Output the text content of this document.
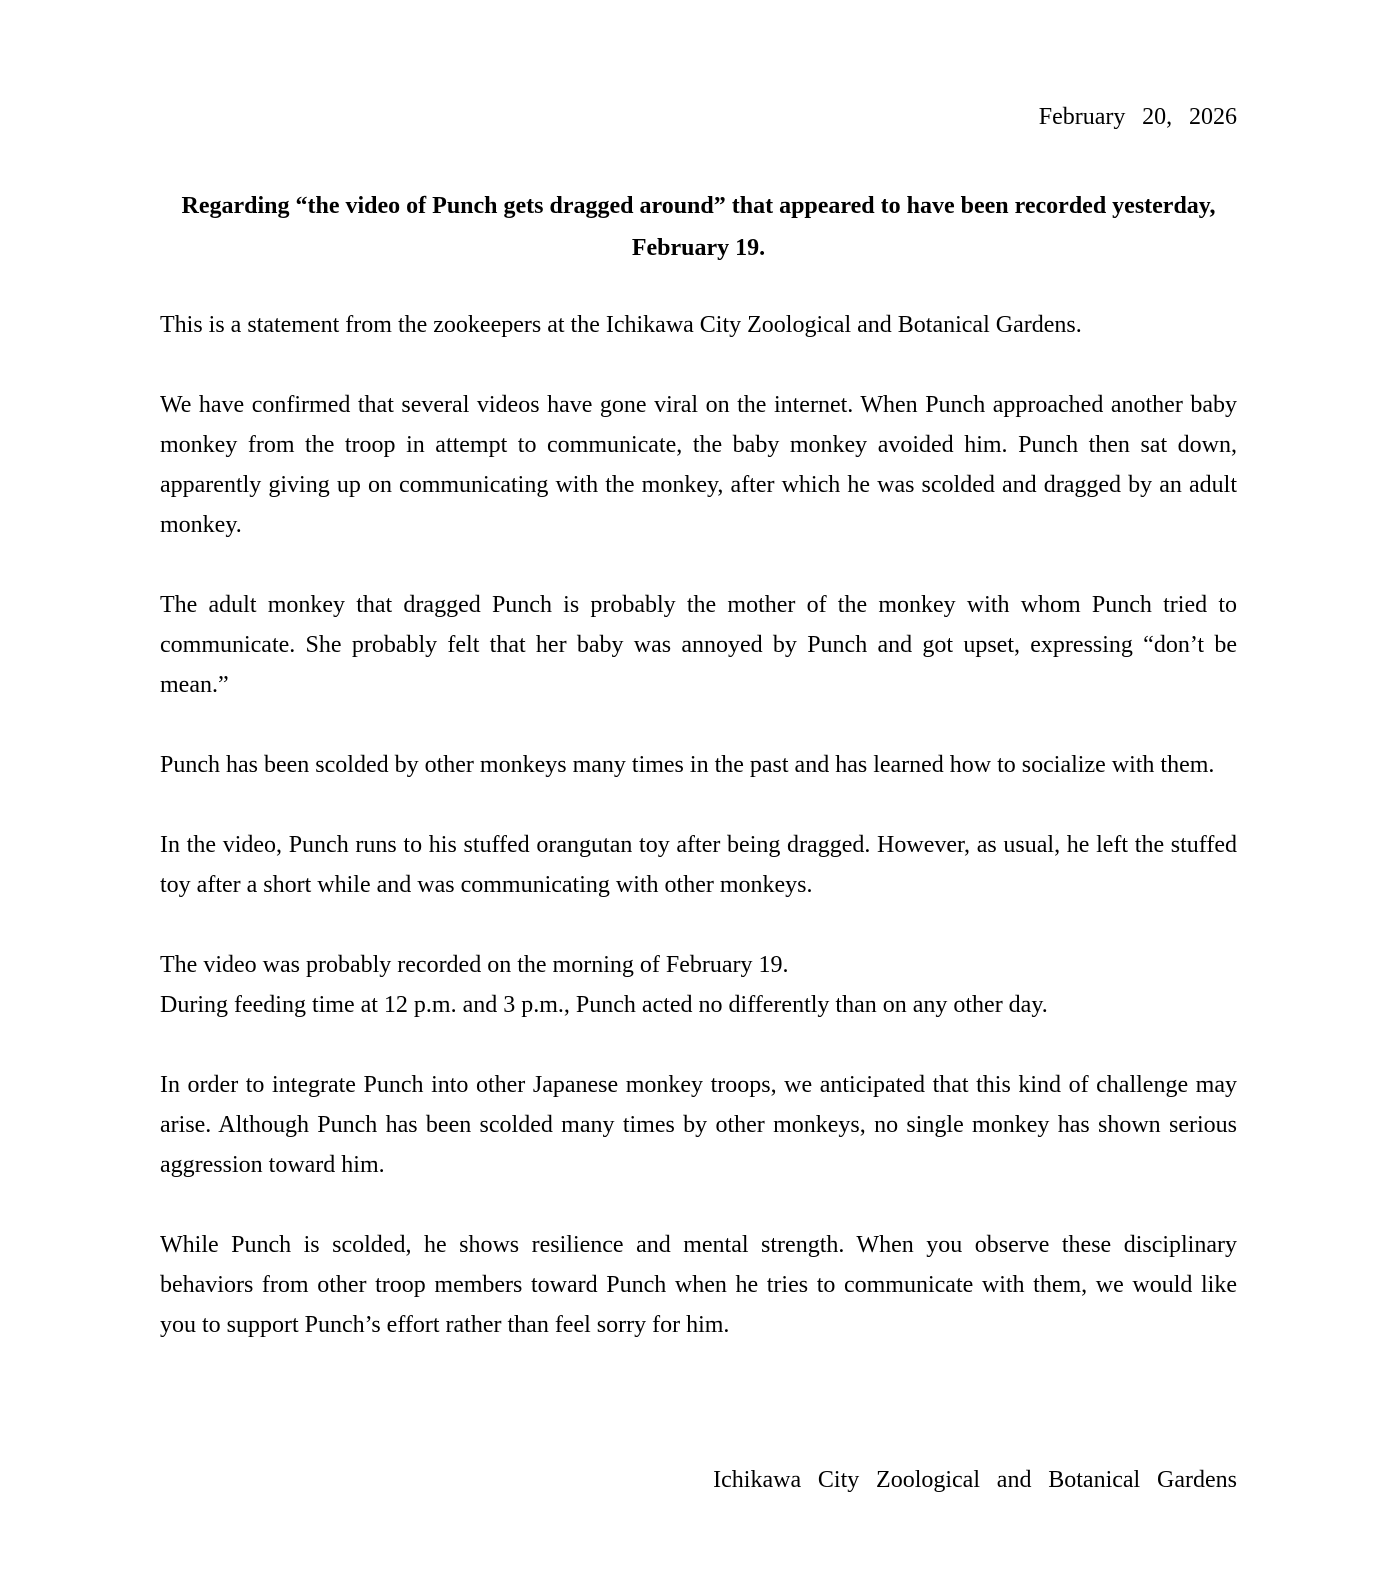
February 20, 2026
Regarding “the video of Punch gets dragged around” that appeared to have been recorded yesterday, February 19.

This is a statement from the zookeepers at the Ichikawa City Zoological and Botanical Gardens.

We have confirmed that several videos have gone viral on the internet. When Punch approached another baby monkey from the troop in attempt to communicate, the baby monkey avoided him. Punch then sat down, apparently giving up on communicating with the monkey, after which he was scolded and dragged by an adult monkey.

The adult monkey that dragged Punch is probably the mother of the monkey with whom Punch tried to communicate. She probably felt that her baby was annoyed by Punch and got upset, expressing “don’t be mean.”

Punch has been scolded by other monkeys many times in the past and has learned how to socialize with them.

In the video, Punch runs to his stuffed orangutan toy after being dragged. However, as usual, he left the stuffed toy after a short while and was communicating with other monkeys.

The video was probably recorded on the morning of February 19.

During feeding time at 12 p.m. and 3 p.m., Punch acted no differently than on any other day.

In order to integrate Punch into other Japanese monkey troops, we anticipated that this kind of challenge may arise. Although Punch has been scolded many times by other monkeys, no single monkey has shown serious aggression toward him.

While Punch is scolded, he shows resilience and mental strength. When you observe these disciplinary behaviors from other troop members toward Punch when he tries to communicate with them, we would like you to support Punch’s effort rather than feel sorry for him.

Ichikawa City Zoological and Botanical Gardens
